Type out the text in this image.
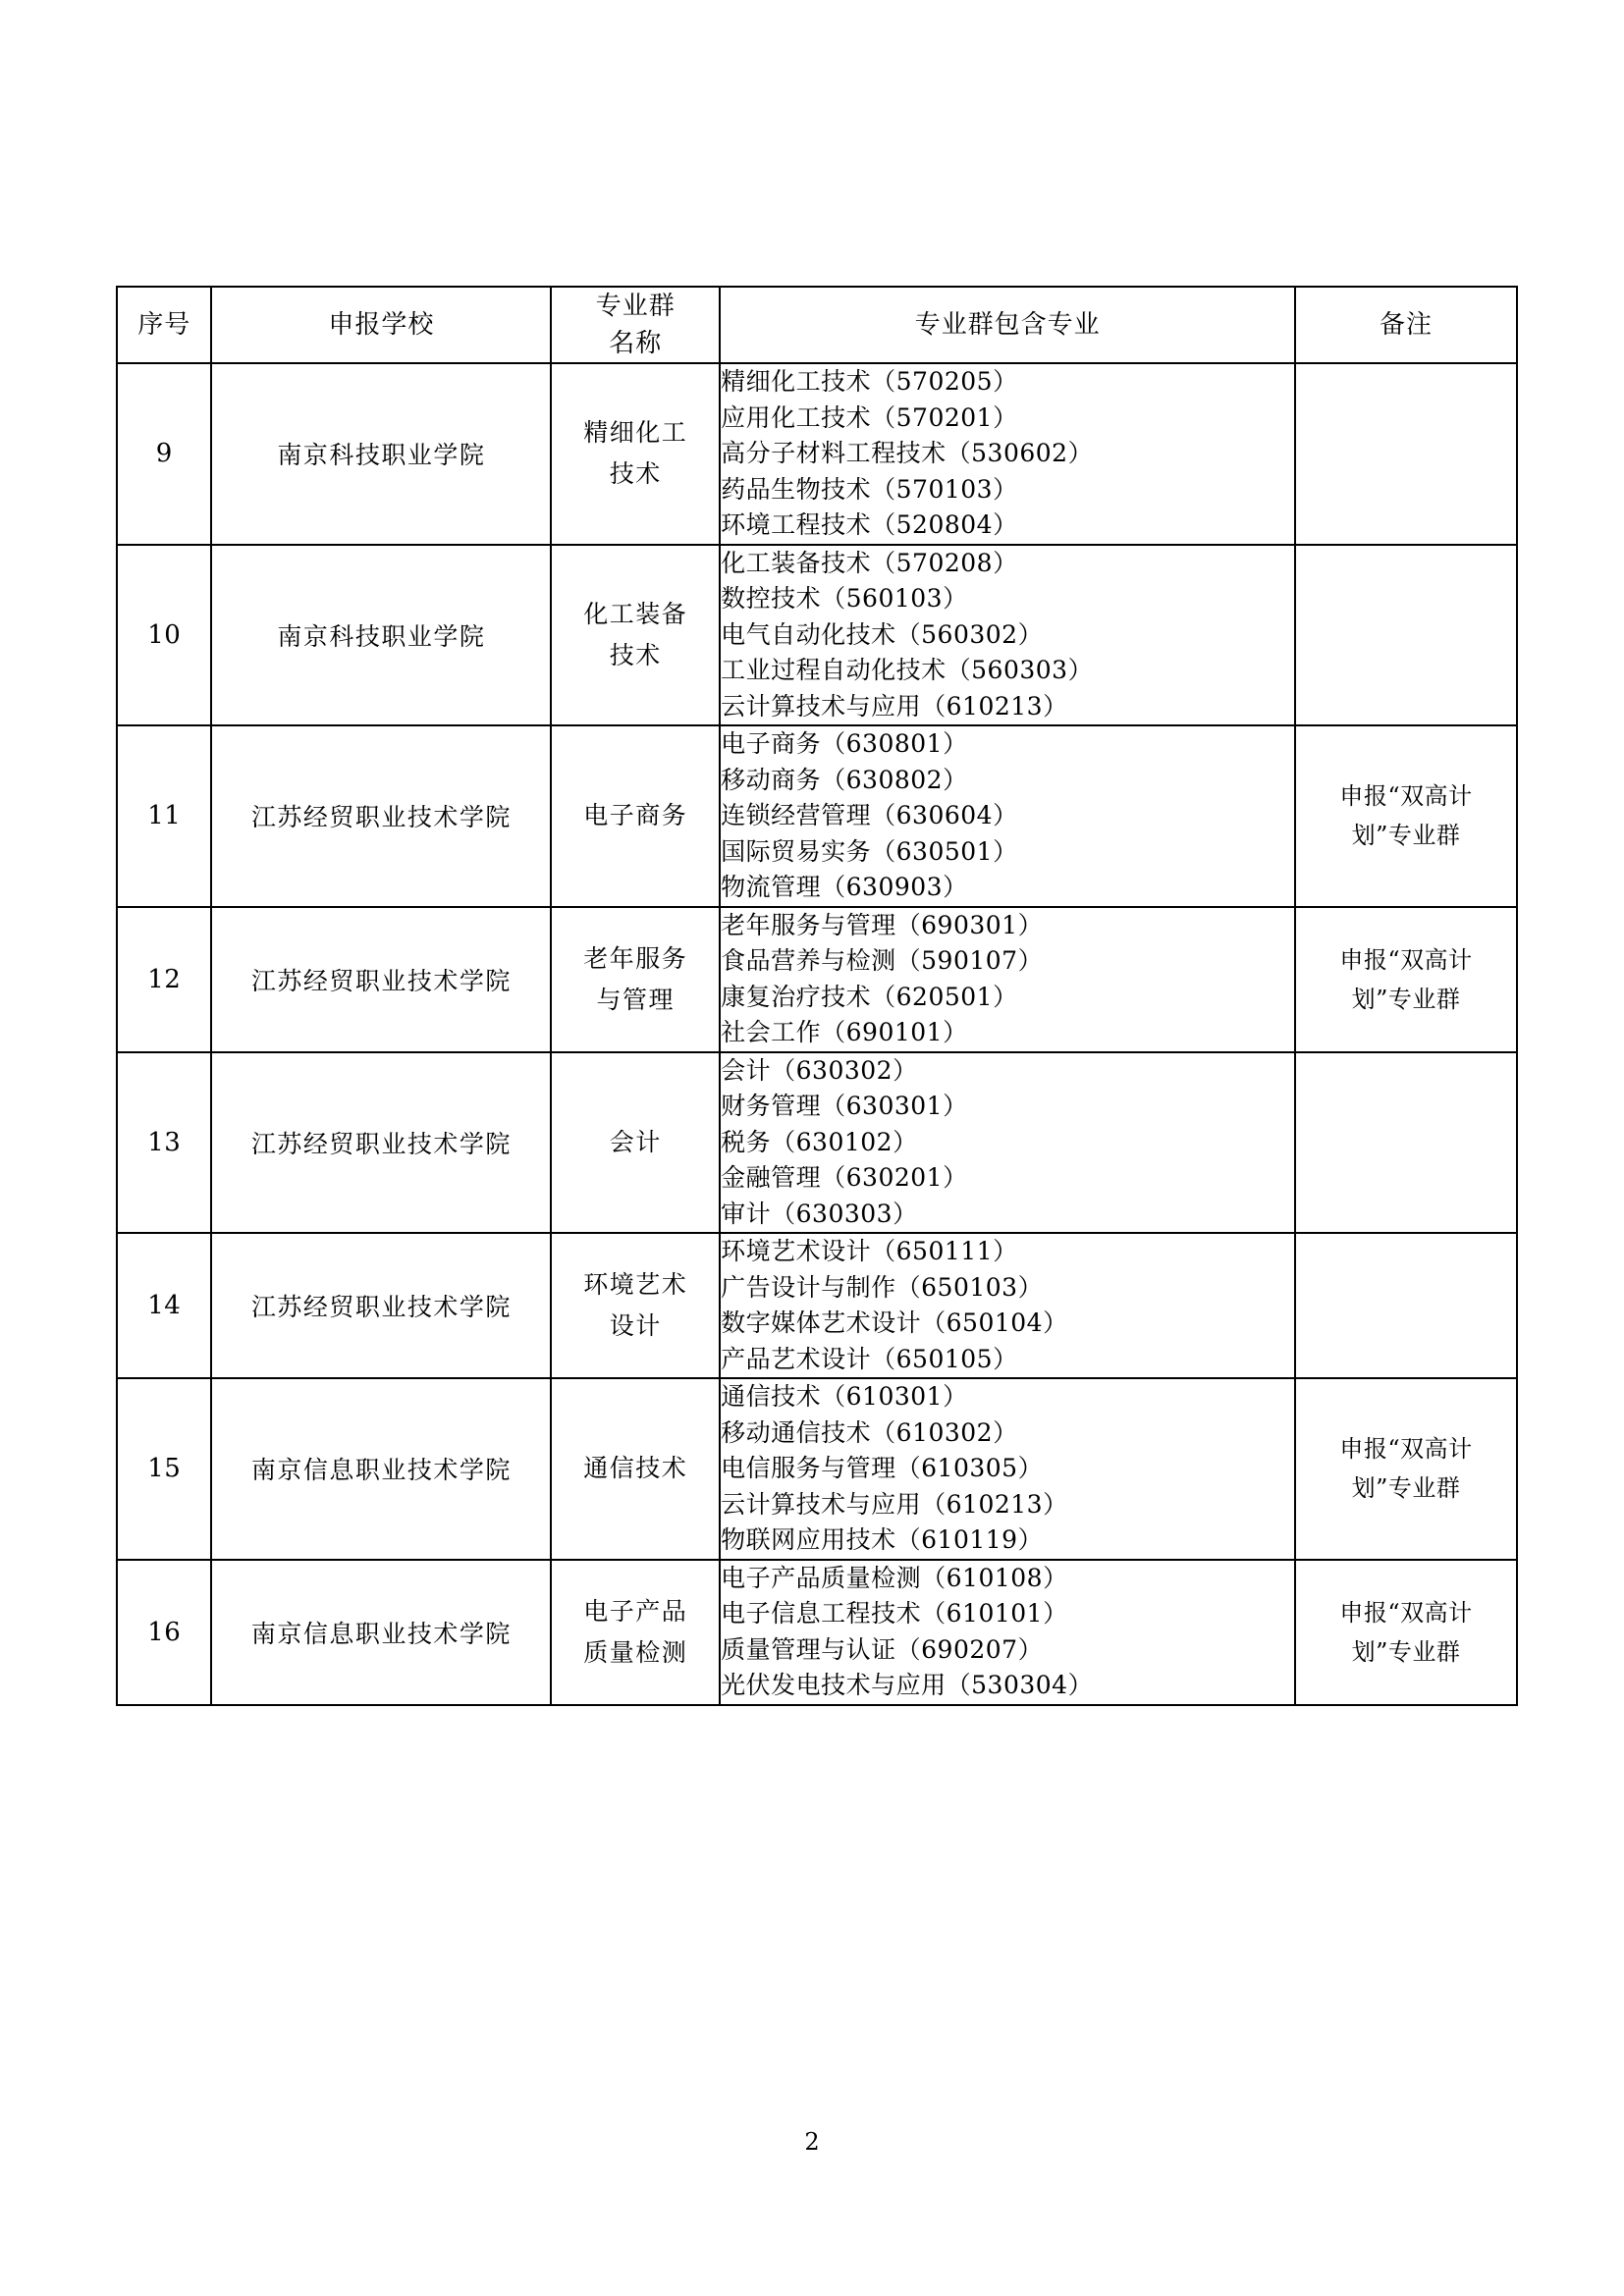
序号	申报学校	专业群
名称	专业群包含专业	备注

9	南京科技职业学院	精细化工
技术	精细化工技术（570205）
应用化工技术（570201）
高分子材料工程技术（530602）
药品生物技术（570103）
环境工程技术（520804）	

10	南京科技职业学院	化工装备
技术	化工装备技术（570208）
数控技术（560103）
电气自动化技术（560302）
工业过程自动化技术（560303）
云计算技术与应用（610213）	

11	江苏经贸职业技术学院	电子商务	电子商务（630801）
移动商务（630802）
连锁经营管理（630604）
国际贸易实务（630501）
物流管理（630903）	申报“双高计
划”专业群

12	江苏经贸职业技术学院	老年服务
与管理	老年服务与管理（690301）
食品营养与检测（590107）
康复治疗技术（620501）
社会工作（690101）	申报“双高计
划”专业群

13	江苏经贸职业技术学院	会计	会计（630302）
财务管理（630301）
税务（630102）
金融管理（630201）
审计（630303）	

14	江苏经贸职业技术学院	环境艺术
设计	环境艺术设计（650111）
广告设计与制作（650103）
数字媒体艺术设计（650104）
产品艺术设计（650105）	

15	南京信息职业技术学院	通信技术	通信技术（610301）
移动通信技术（610302）
电信服务与管理（610305）
云计算技术与应用（610213）
物联网应用技术（610119）	申报“双高计
划”专业群

16	南京信息职业技术学院	电子产品
质量检测	电子产品质量检测（610108）
电子信息工程技术（610101）
质量管理与认证（690207）
光伏发电技术与应用（530304）	申报“双高计
划”专业群
2
